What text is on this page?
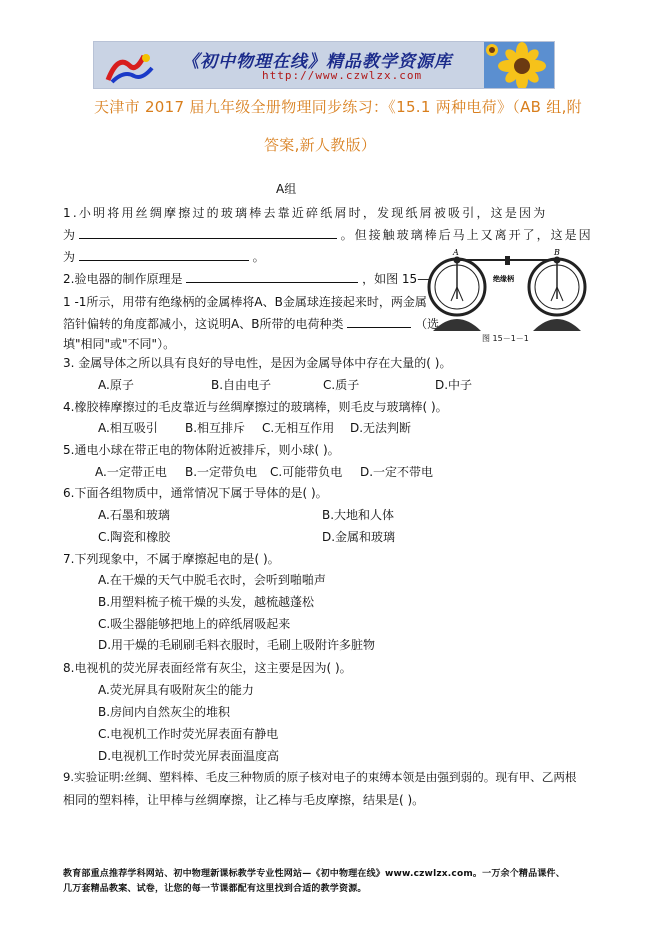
《初中物理在线》精品教学资源库
http://www.czwlzx.com
天津市 2017 届九年级全册物理同步练习：《15.1 两种电荷》（AB 组,附
答案,新人教版）
A组
1.小明将用丝绸摩擦过的玻璃棒去靠近碎纸屑时，发现纸屑被吸引，这是因为
为	。但接触玻璃棒后马上又离开了，这是因
为	。
2.验电器的制作原理是	，如图 15—
1 -1所示，用带有绝缘柄的金属棒将A、B金属球连接起来时，两金属
箔针偏转的角度都减小，这说明A、B所带的电荷种类	（选
填"相同"或"不同"）。
A	B
绝缘柄
图 15－1－1
3. 金属导体之所以具有良好的导电性，是因为金属导体中存在大量的( )。
A.原子	B.自由电子	C.质子	D.中子
4.橡胶棒摩擦过的毛皮靠近与丝绸摩擦过的玻璃棒，则毛皮与玻璃棒( )。
A.相互吸引 B.相互排斥 C.无相互作用 D.无法判断
5.通电小球在带正电的物体附近被排斥，则小球( )。
A.一定带正电 B.一定带负电 C.可能带负电 D.一定不带电
6.下面各组物质中，通常情况下属于导体的是( )。
A.石墨和玻璃	B.大地和人体
C.陶瓷和橡胶	D.金属和玻璃
7.下列现象中，不属于摩擦起电的是( )。
A.在干燥的天气中脱毛衣时，会听到啪啪声
B.用塑料梳子梳干燥的头发，越梳越蓬松
C.吸尘器能够把地上的碎纸屑吸起来
D.用干燥的毛刷刷毛料衣服时，毛刷上吸附许多脏物
8.电视机的荧光屏表面经常有灰尘，这主要是因为( )。
A.荧光屏具有吸附灰尘的能力
B.房间内自然灰尘的堆积
C.电视机工作时荧光屏表面有静电
D.电视机工作时荧光屏表面温度高
9.实验证明:丝绸、塑料棒、毛皮三种物质的原子核对电子的束缚本领是由强到弱的。现有甲、乙两根
相同的塑料棒，让甲棒与丝绸摩擦，让乙棒与毛皮摩擦，结果是( )。
教育部重点推荐学科网站、初中物理新课标教学专业性网站—《初中物理在线》www.czwlzx.com。一万余个精品课件、
几万套精品教案、试卷，让您的每一节课都配有这里找到合适的教学资源。
